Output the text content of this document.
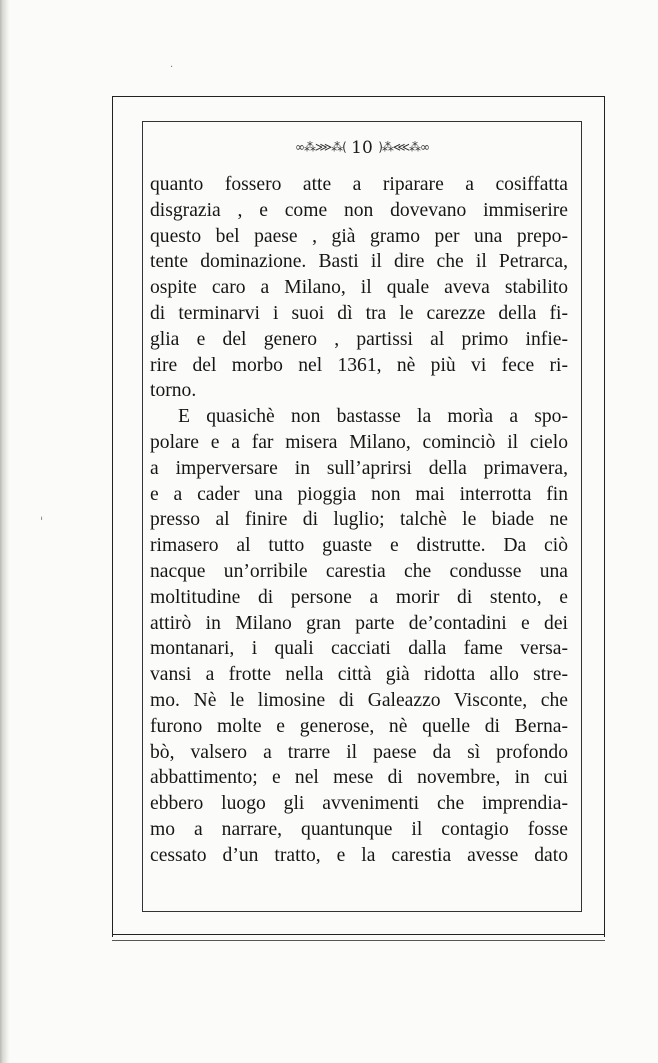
·
ˈ
∞⁂⋙⁂( 10 )⁂⋘⁂∞
quanto fossero atte a riparare a cosiffatta
disgrazia , e come non dovevano immiserire
questo bel paese , già gramo per una prepo-
tente dominazione. Basti il dire che il Petrarca,
ospite caro a Milano, il quale aveva stabilito
di terminarvi i suoi dì tra le carezze della fi-
glia e del genero , partissi al primo infie-
rire del morbo nel 1361, nè più vi fece ri-
torno.
E quasichè non bastasse la morìa a spo-
polare e a far misera Milano, cominciò il cielo
a imperversare in sull’aprirsi della primavera,
e a cader una pioggia non mai interrotta fin
presso al finire di luglio; talchè le biade ne
rimasero al tutto guaste e distrutte. Da ciò
nacque un’orribile carestia che condusse una
moltitudine di persone a morir di stento, e
attirò in Milano gran parte de’contadini e dei
montanari, i quali cacciati dalla fame versa-
vansi a frotte nella città già ridotta allo stre-
mo. Nè le limosine di Galeazzo Visconte, che
furono molte e generose, nè quelle di Berna-
bò, valsero a trarre il paese da sì profondo
abbattimento; e nel mese di novembre, in cui
ebbero luogo gli avvenimenti che imprendia-
mo a narrare, quantunque il contagio fosse
cessato d’un tratto, e la carestia avesse dato
